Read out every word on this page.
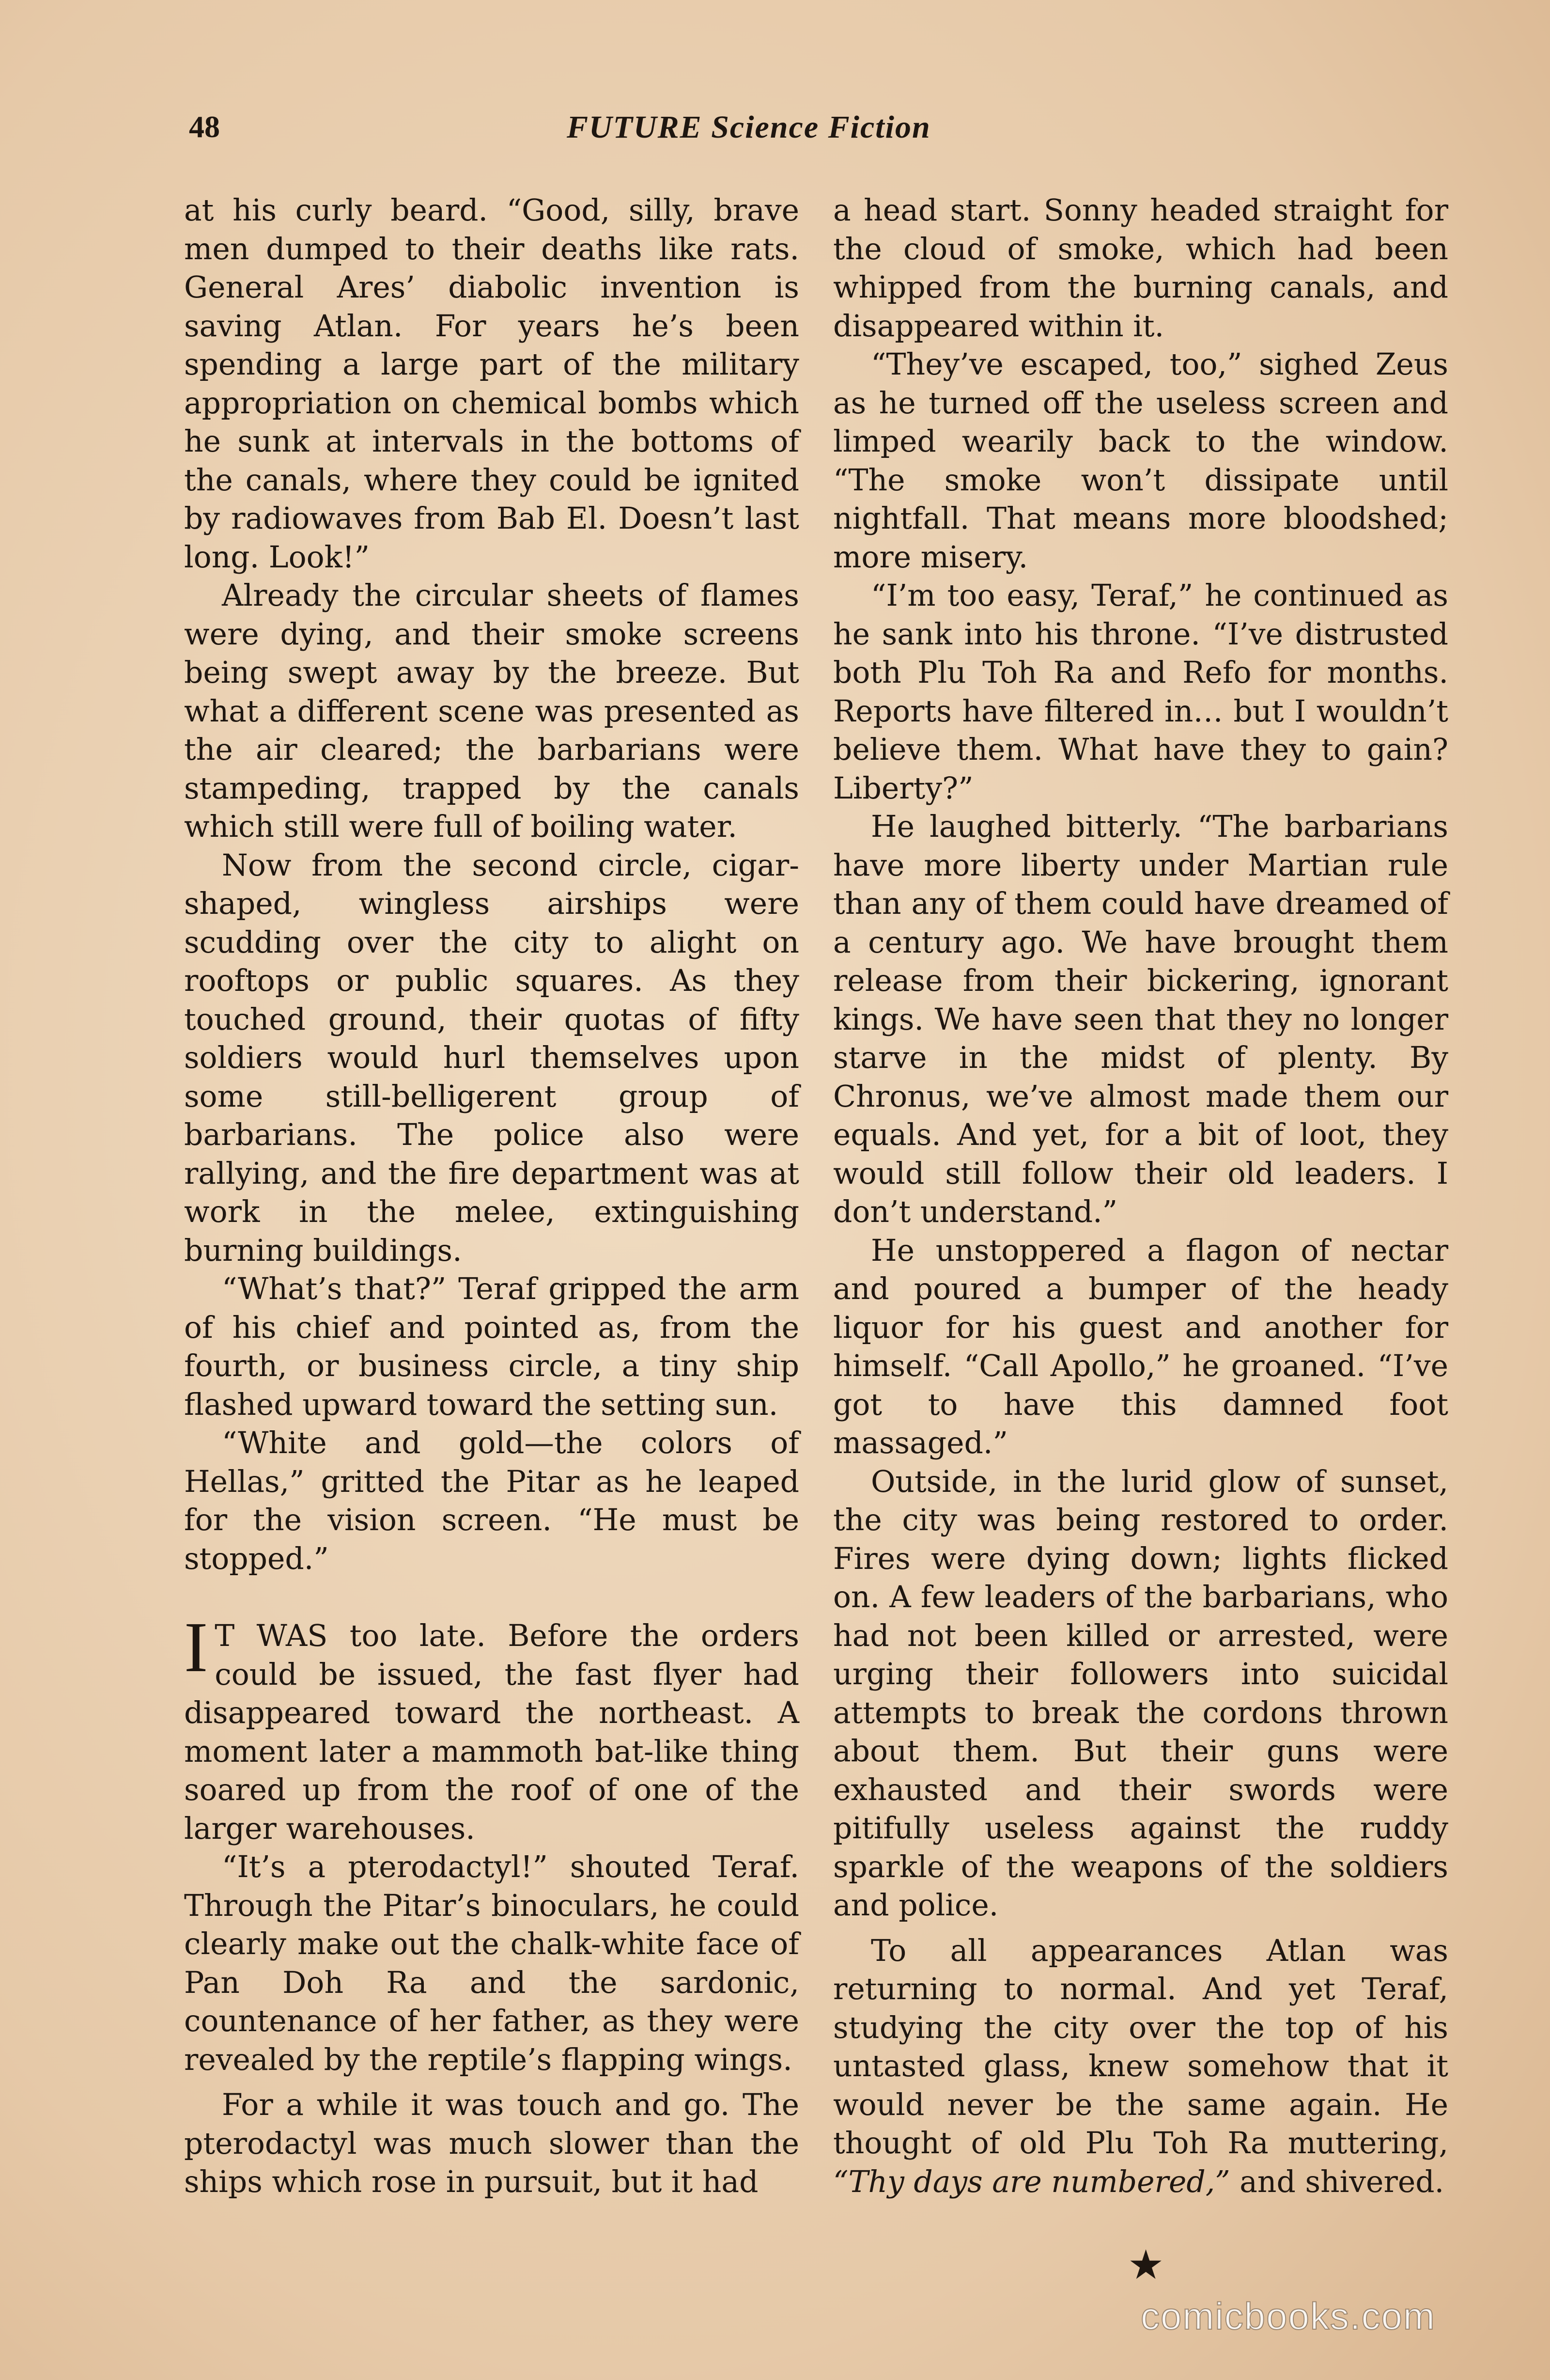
48	FUTURE Science Fiction

at his curly beard. “Good, silly, brave men dumped to their deaths like rats. General Ares’ diabolic invention is saving Atlan. For years he’s been spending a large part of the military appropriation on chemical bombs which he sunk at intervals in the bottoms of the canals, where they could be ignited by radiowaves from Bab El. Doesn’t last long. Look!”

Already the circular sheets of flames were dying, and their smoke screens being swept away by the breeze. But what a different scene was presented as the air cleared; the barbarians were stampeding, trapped by the canals which still were full of boiling water.

Now from the second circle, cigar-shaped, wingless airships were scudding over the city to alight on rooftops or public squares. As they touched ground, their quotas of fifty soldiers would hurl themselves upon some still-belligerent group of barbarians. The police also were rallying, and the fire department was at work in the melee, extinguishing burning buildings.

“What’s that?” Teraf gripped the arm of his chief and pointed as, from the fourth, or business circle, a tiny ship flashed upward toward the setting sun.

“White and gold—the colors of Hellas,” gritted the Pitar as he leaped for the vision screen. “He must be stopped.”

I T WAS too late. Before the orders could be issued, the fast flyer had disappeared toward the northeast. A moment later a mammoth bat-like thing soared up from the roof of one of the larger warehouses.

“It’s a pterodactyl!” shouted Teraf. Through the Pitar’s binoculars, he could clearly make out the chalk-white face of Pan Doh Ra and the sardonic, countenance of her father, as they were revealed by the reptile’s flapping wings.

For a while it was touch and go. The pterodactyl was much slower than the ships which rose in pursuit, but it had

a head start. Sonny headed straight for the cloud of smoke, which had been whipped from the burning canals, and disappeared within it.

“They’ve escaped, too,” sighed Zeus as he turned off the useless screen and limped wearily back to the window. “The smoke won’t dissipate until nightfall. That means more bloodshed; more misery.

“I’m too easy, Teraf,” he continued as he sank into his throne. “I’ve distrusted both Plu Toh Ra and Refo for months. Reports have filtered in… but I wouldn’t believe them. What have they to gain? Liberty?”

He laughed bitterly. “The barbarians have more liberty under Martian rule than any of them could have dreamed of a century ago. We have brought them release from their bickering, ignorant kings. We have seen that they no longer starve in the midst of plenty. By Chronus, we’ve almost made them our equals. And yet, for a bit of loot, they would still follow their old leaders. I don’t understand.”

He unstoppered a flagon of nectar and poured a bumper of the heady liquor for his guest and another for himself. “Call Apollo,” he groaned. “I’ve got to have this damned foot massaged.”

Outside, in the lurid glow of sunset, the city was being restored to order. Fires were dying down; lights flicked on. A few leaders of the barbarians, who had not been killed or arrested, were urging their followers into suicidal attempts to break the cordons thrown about them. But their guns were exhausted and their swords were pitifully useless against the ruddy sparkle of the weapons of the soldiers and police.

To all appearances Atlan was returning to normal. And yet Teraf, studying the city over the top of his untasted glass, knew somehow that it would never be the same again. He thought of old Plu Toh Ra muttering, “Thy days are numbered,” and shivered.

★
comicbooks.com
